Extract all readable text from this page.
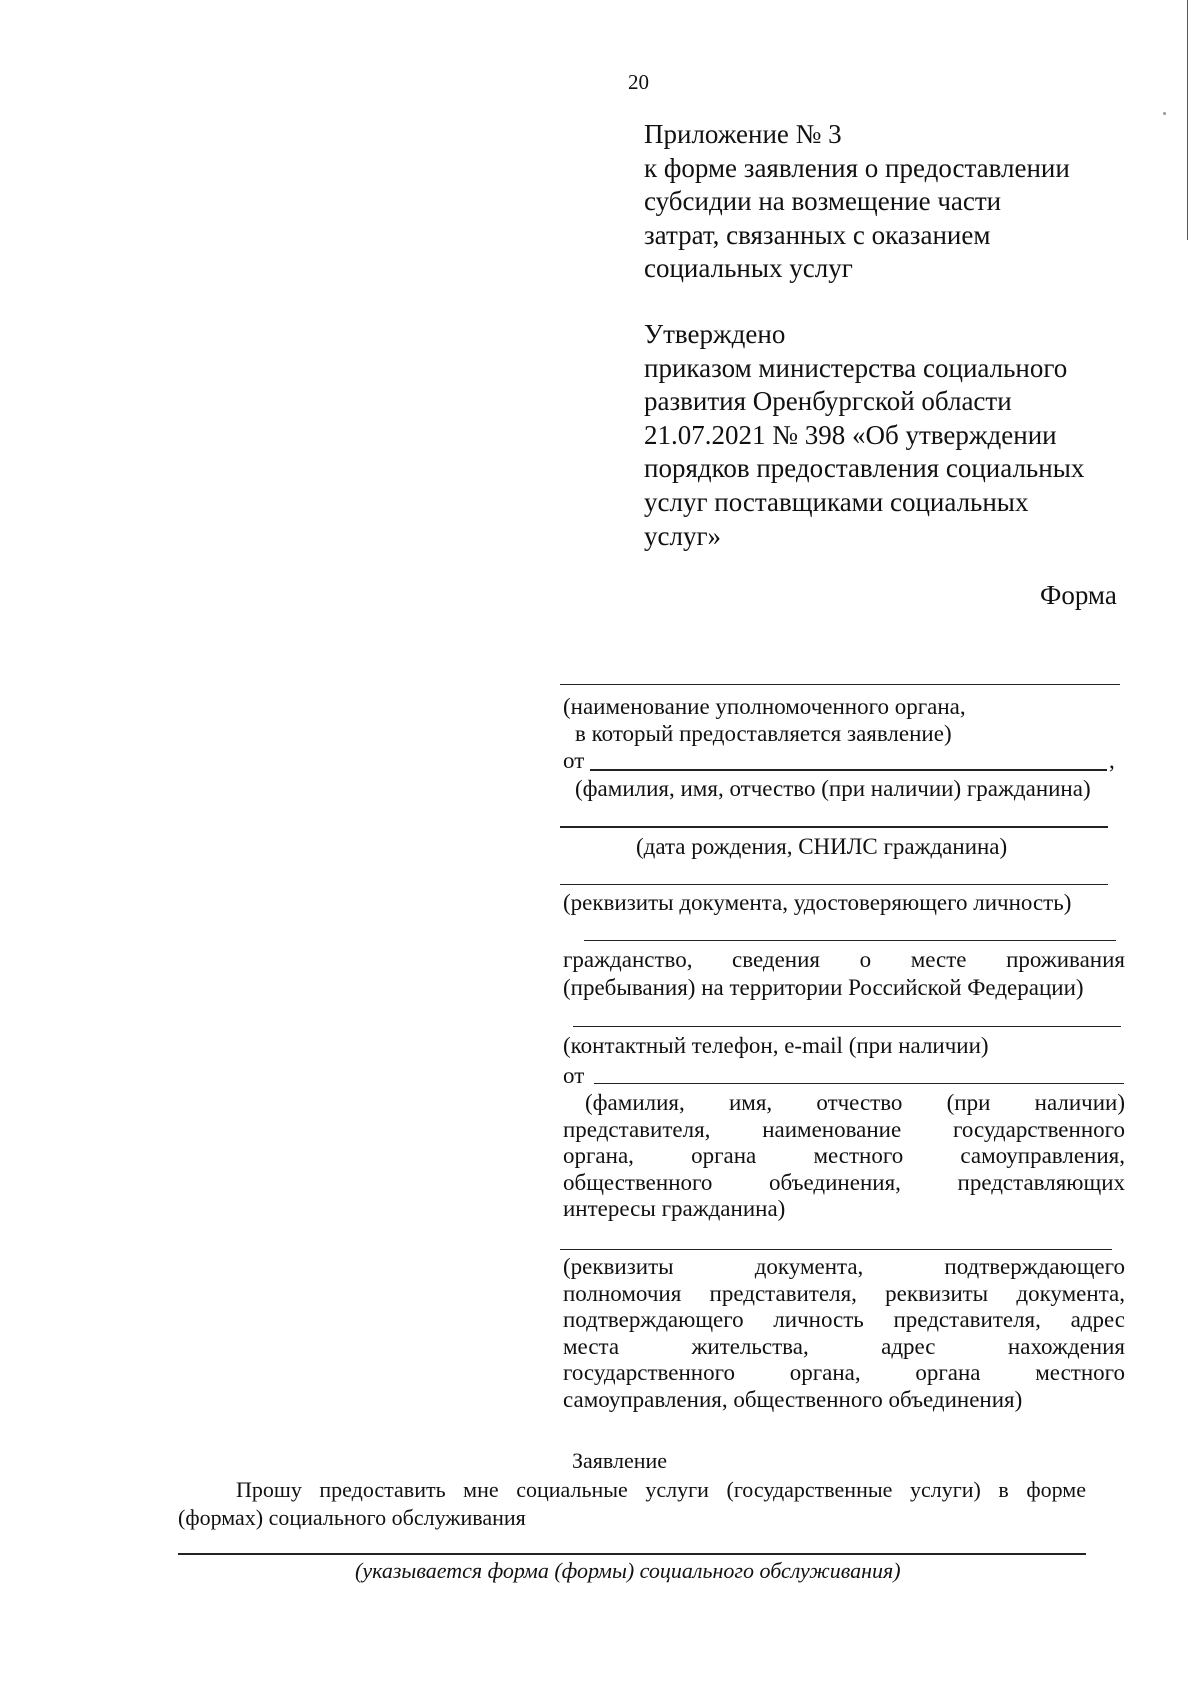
20
Приложение № 3
к форме заявления о предоставлении
субсидии на возмещение части
затрат, связанных с оказанием
социальных услуг
Утверждено
приказом министерства социального
развития Оренбургской области
21.07.2021 № 398 «Об утверждении
порядков предоставления социальных
услуг поставщиками социальных
услуг»
Форма
(наименование уполномоченного органа,
в который предоставляется заявление)
от	,
(фамилия, имя, отчество (при наличии) гражданина)
(дата рождения, СНИЛС гражданина)
(реквизиты документа, удостоверяющего личность)
гражданство, сведения о месте проживания
(пребывания) на территории Российской Федерации)
(контактный телефон, e-mail (при наличии)
от
(фамилия, имя, отчество (при наличии)
представителя, наименование государственного
органа, органа местного самоуправления,
общественного объединения, представляющих
интересы гражданина)
(реквизиты документа, подтверждающего
полномочия представителя, реквизиты документа,
подтверждающего личность представителя, адрес
места жительства, адрес нахождения
государственного органа, органа местного
самоуправления, общественного объединения)
Заявление
Прошу предоставить мне социальные услуги (государственные услуги) в форме
(формах) социального обслуживания
(указывается форма (формы) социального обслуживания)
